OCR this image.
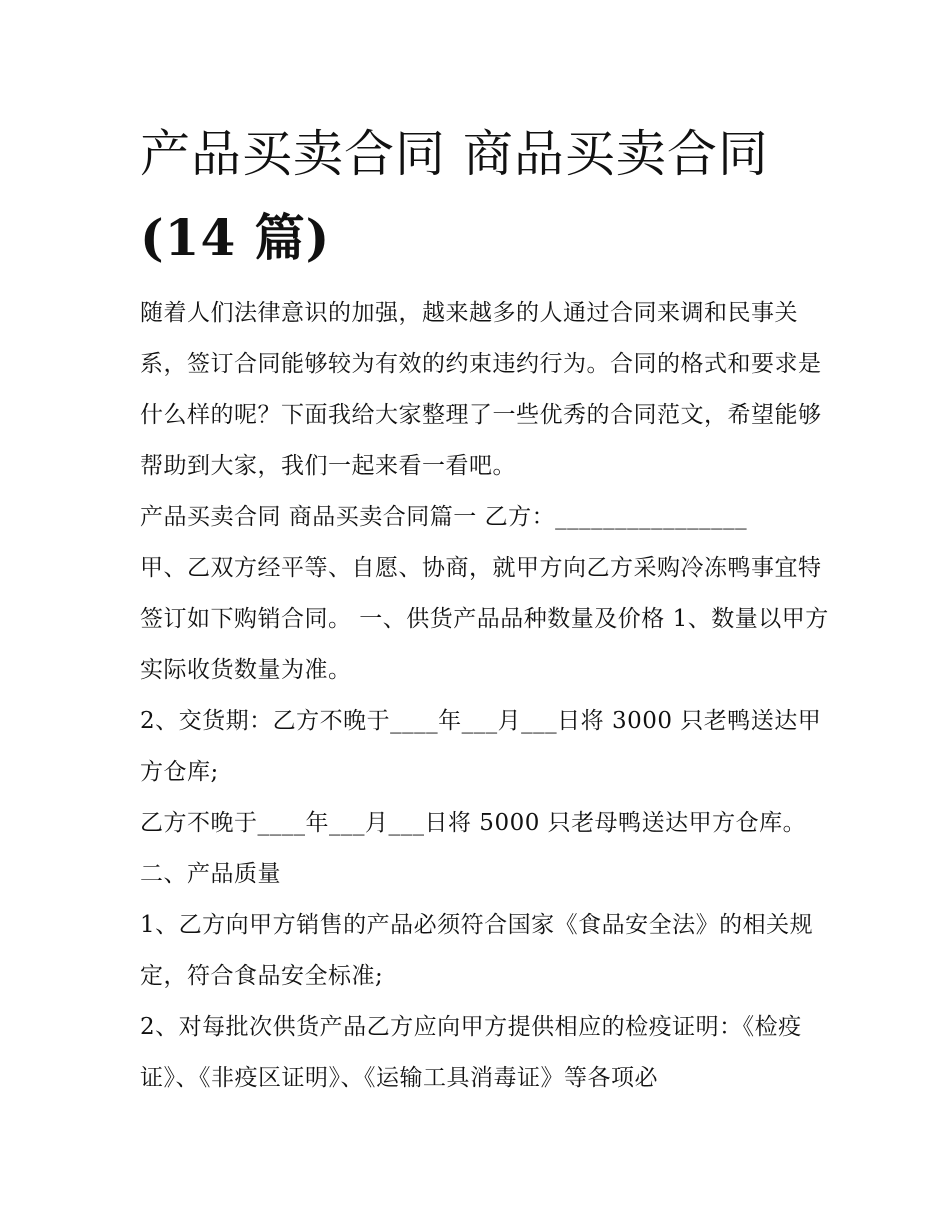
产品买卖合同 商品买卖合同
(14 篇)

随着人们法律意识的加强，越来越多的人通过合同来调和民事关系，签订合同能够较为有效的约束违约行为。合同的格式和要求是什么样的呢？下面我给大家整理了一些优秀的合同范文，希望能够帮助到大家，我们一起来看一看吧。

产品买卖合同 商品买卖合同篇一 乙方：________________

甲、乙双方经平等、自愿、协商，就甲方向乙方采购冷冻鸭事宜特签订如下购销合同。 一、供货产品品种数量及价格 1、数量以甲方实际收货数量为准。

2、交货期：乙方不晚于____年___月___日将 3000 只老鸭送达甲方仓库;

乙方不晚于____年___月___日将 5000 只老母鸭送达甲方仓库。 二、产品质量

1、乙方向甲方销售的产品必须符合国家《食品安全法》的相关规定，符合食品安全标准;

2、对每批次供货产品乙方应向甲方提供相应的检疫证明：《检疫证》、《非疫区证明》、《运输工具消毒证》等各项必
